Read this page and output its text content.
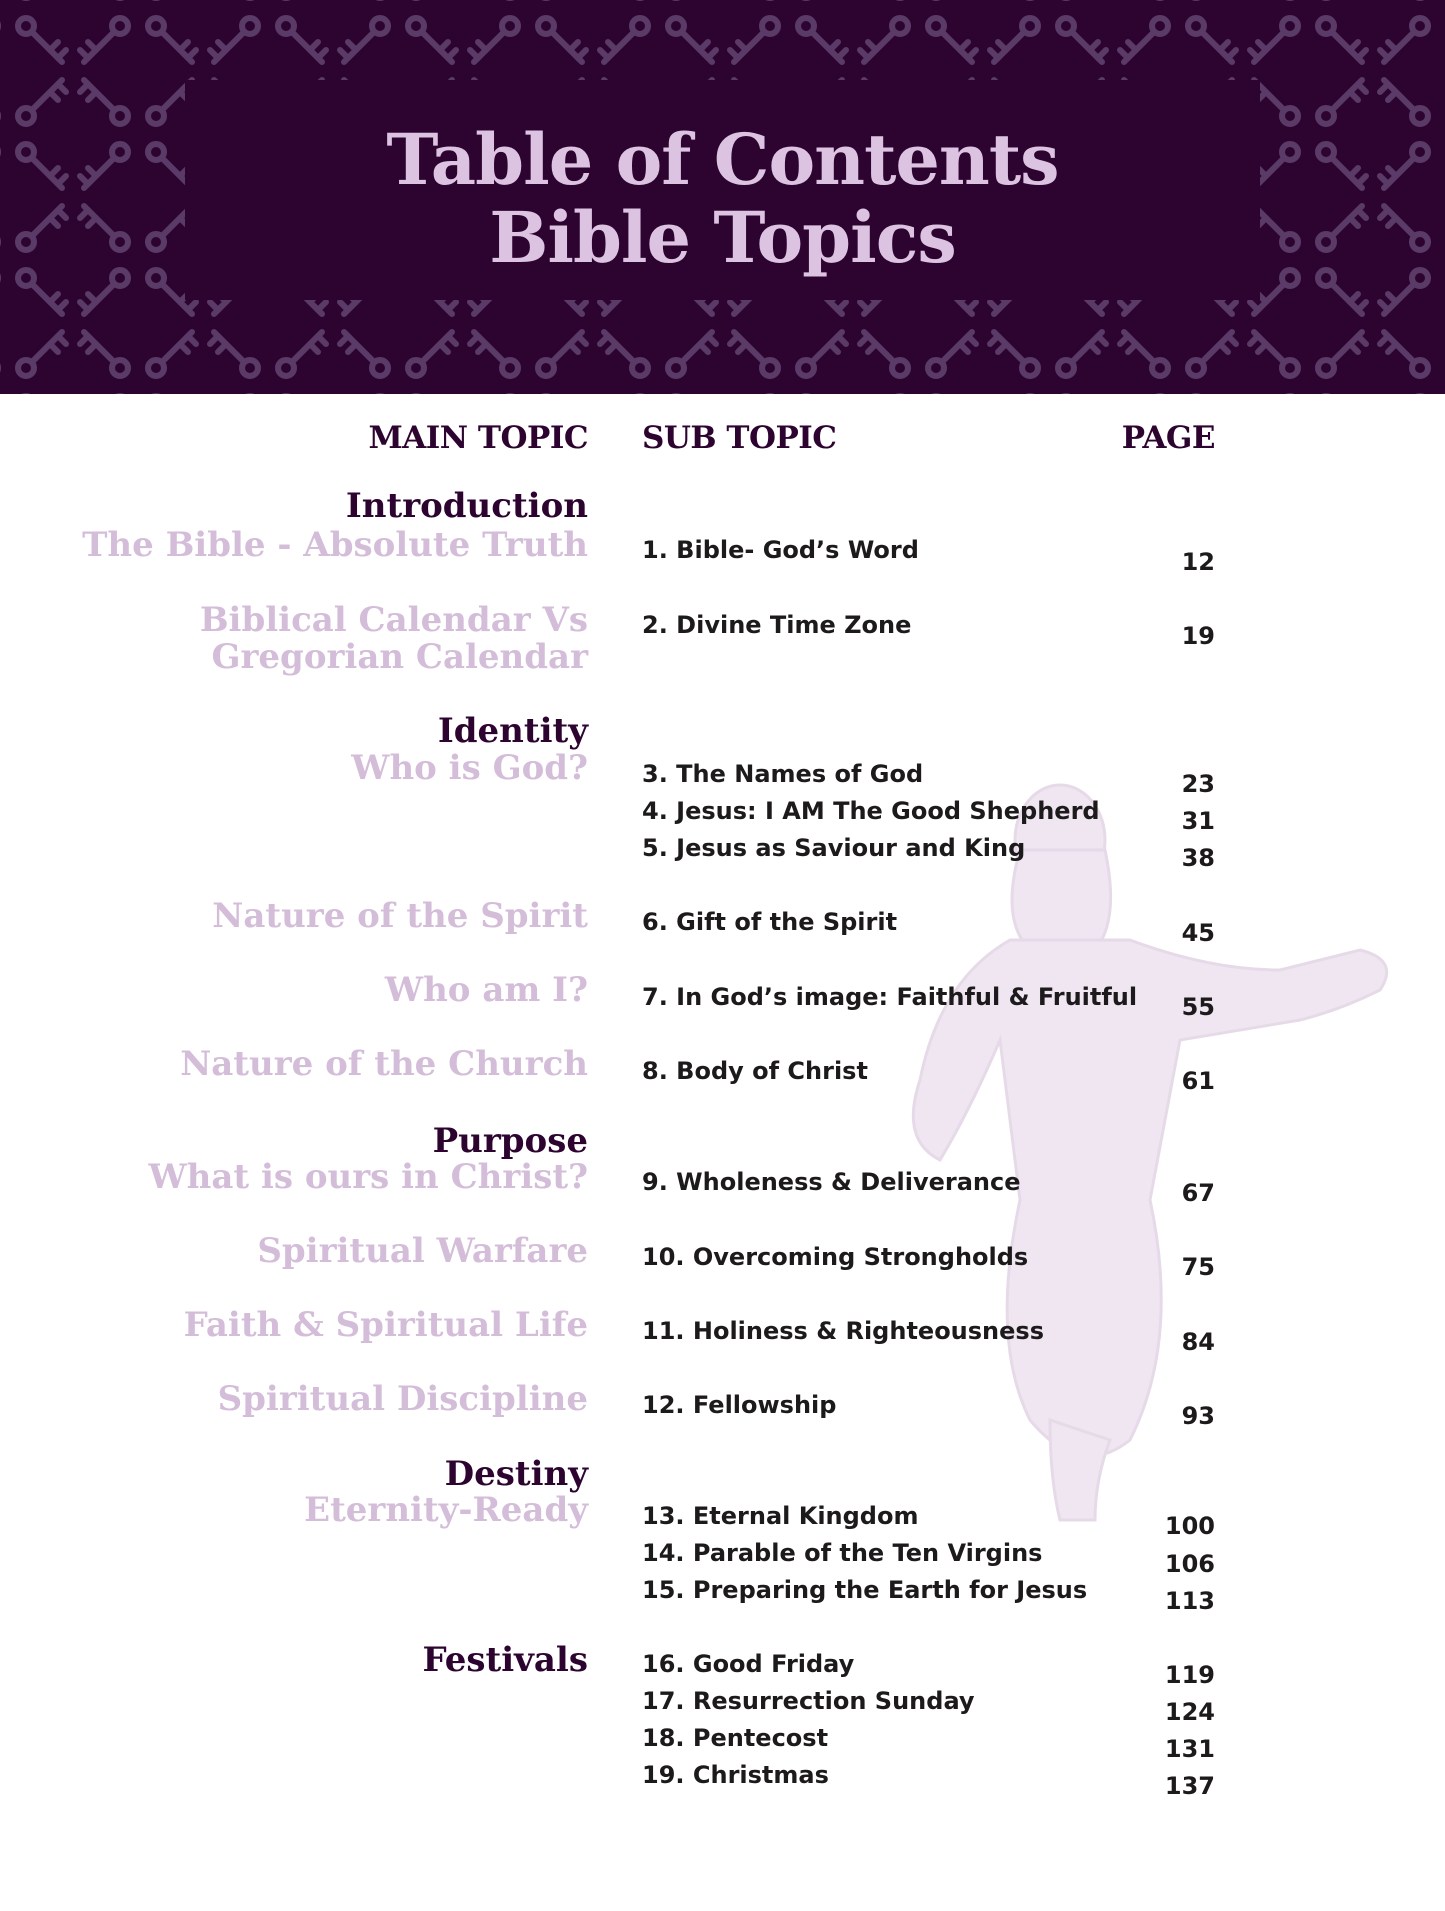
Table of Contents
Bible Topics
MAIN TOPIC SUB TOPIC	PAGE
Introduction
Identity
Purpose
Destiny
Festivals
The Bible - Absolute Truth
Biblical Calendar Vs
Gregorian Calendar
Who is God?
Nature of the Spirit
Who am I?
Nature of the Church
What is ours in Christ?
Spiritual Warfare
Faith & Spiritual Life
Spiritual Discipline
Eternity-Ready
1. Bible- God’s Word
2. Divine Time Zone
3. The Names of God
4. Jesus: I AM The Good Shepherd
5. Jesus as Saviour and King
6. Gift of the Spirit
7. In God’s image: Faithful & Fruitful
8. Body of Christ
9. Wholeness & Deliverance
10. Overcoming Strongholds
11. Holiness & Righteousness
12. Fellowship
13. Eternal Kingdom
14. Parable of the Ten Virgins
15. Preparing the Earth for Jesus
16. Good Friday
17. Resurrection Sunday
18. Pentecost
19. Christmas
12
19
23
31
38
45
55
61
67
75
84
93
100
106
113
119
124
131
137
